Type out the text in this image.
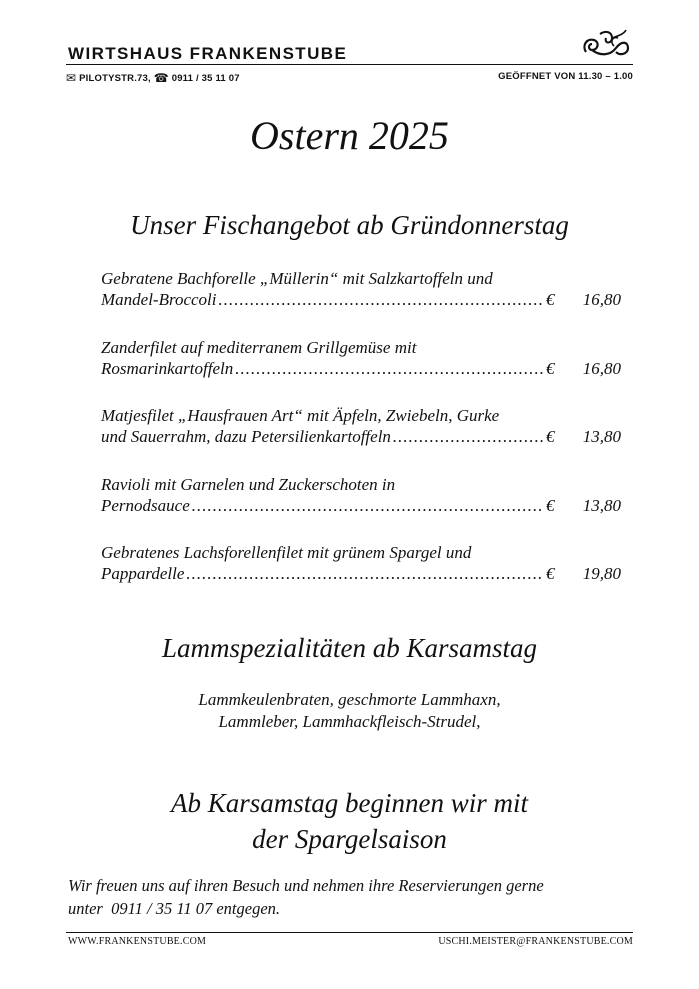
WIRTSHAUS FRANKENSTUBE
✉ PILOTYSTR.73, ☎ 0911 / 35 11 07	GEÖFFNET VON 11.30 – 1.00
Ostern 2025
Unser Fischangebot ab Gründonnerstag
Gebratene Bachforelle „Müllerin“ mit Salzkartoffeln und
Mandel-Broccoli .....	€	16,80
Zanderfilet auf mediterranem Grillgemüse mit
Rosmarinkartoffeln .....	€	16,80
Matjesfilet „Hausfrauen Art“ mit Äpfeln, Zwiebeln, Gurke
und Sauerrahm, dazu Petersilienkartoffeln .....	€	13,80
Ravioli mit Garnelen und Zuckerschoten in
Pernodsauce .....	€	13,80
Gebratenes Lachsforellenfilet mit grünem Spargel und
Pappardelle .....	€	19,80
Lammspezialitäten ab Karsamstag
Lammkeulenbraten, geschmorte Lammhaxn,
Lammleber, Lammhackfleisch-Strudel,
Ab Karsamstag beginnen wir mit
der Spargelsaison
Wir freuen uns auf ihren Besuch und nehmen ihre Reservierungen gerne
unter  0911 / 35 11 07 entgegen.
WWW.FRANKENSTUBE.COM	USCHI.MEISTER@FRANKENSTUBE.COM
